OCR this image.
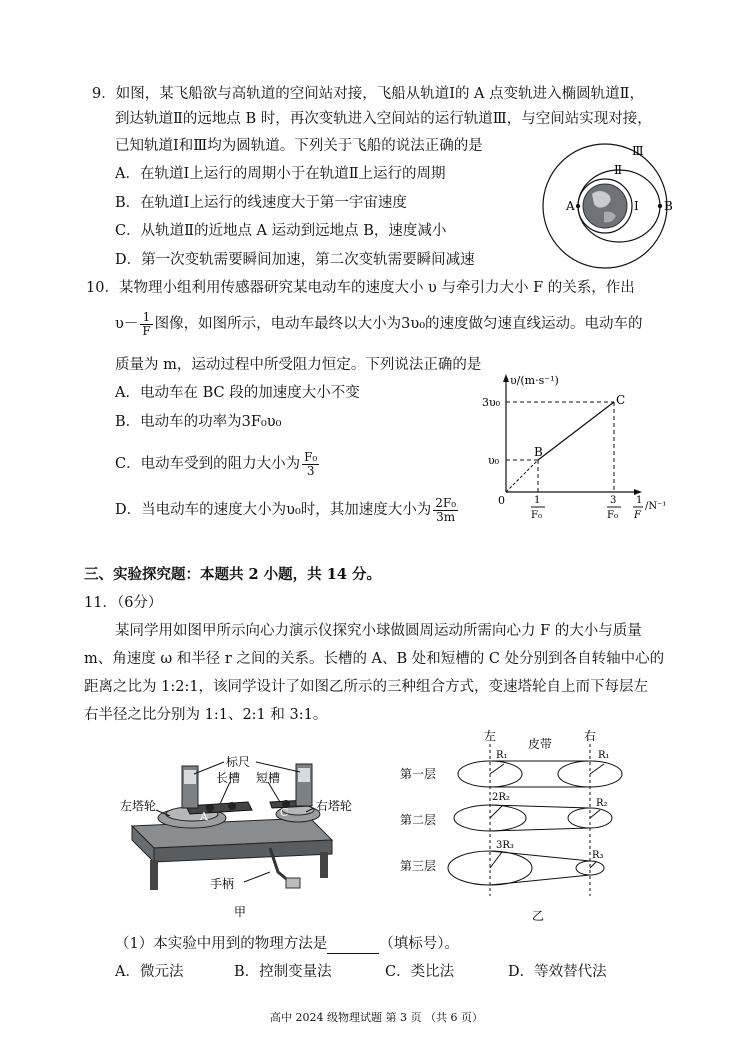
9．如图，某飞船欲与高轨道的空间站对接，飞船从轨道Ⅰ的 A 点变轨进入椭圆轨道Ⅱ，
到达轨道Ⅱ的远地点 B 时，再次变轨进入空间站的运行轨道Ⅲ，与空间站实现对接，
已知轨道Ⅰ和Ⅲ均为圆轨道。下列关于飞船的说法正确的是
A．在轨道Ⅰ上运行的周期小于在轨道Ⅱ上运行的周期
B．在轨道Ⅰ上运行的线速度大于第一宇宙速度
C．从轨道Ⅱ的近地点 A 运动到远地点 B，速度减小
D．第一次变轨需要瞬间加速，第二次变轨需要瞬间减速
A	B
Ⅰ
Ⅱ
Ⅲ
10．某物理小组利用传感器研究某电动车的速度大小 υ 与牵引力大小 F 的关系，作出
$\upsilon- \frac{1}{F}$ 图像，如图所示，电动车最终以大小为3υ₀的速度做匀速直线运动。电动车的
质量为 m，运动过程中所受阻力恒定。下列说法正确的是
A．电动车在 BC 段的加速度大小不变
B．电动车的功率为3F₀υ₀
C．电动车受到的阻力大小为 $\frac{\text{F₀}}{3}$
D．当电动车的速度大小为υ₀时，其加速度大小为 $\frac{\text{2F₀}}{3m}$
υ/(m·s⁻¹)
3υ₀
υ₀
0
B
C
1
F₀
3
F₀
1
F
/N⁻¹
三、实验探究题：本题共 2 小题，共 14 分。
11．（6分）
某同学用如图甲所示向心力演示仪探究小球做圆周运动所需向心力 F 的大小与质量
m、角速度 ω 和半径 r 之间的关系。长槽的 A、B 处和短槽的 C 处分别到各自转轴中心的
距离之比为 1:2:1，该同学设计了如图乙所示的三种组合方式，变速塔轮自上而下每层左
右半径之比分别为 1:1、2:1 和 3:1。
标尺
长槽 短槽
左塔轮	右塔轮
手柄
A B	C
甲
左	右
皮带
第一层
R₁	R₁
第二层
2R₂
R₂
第三层
3R₃
R₃
乙
（1）本实验中用到的物理方法是	（填标号）。
A．微元法	B．控制变量法	C．类比法	D．等效替代法
高中 2024 级物理试题 第 3 页 （共 6 页）
